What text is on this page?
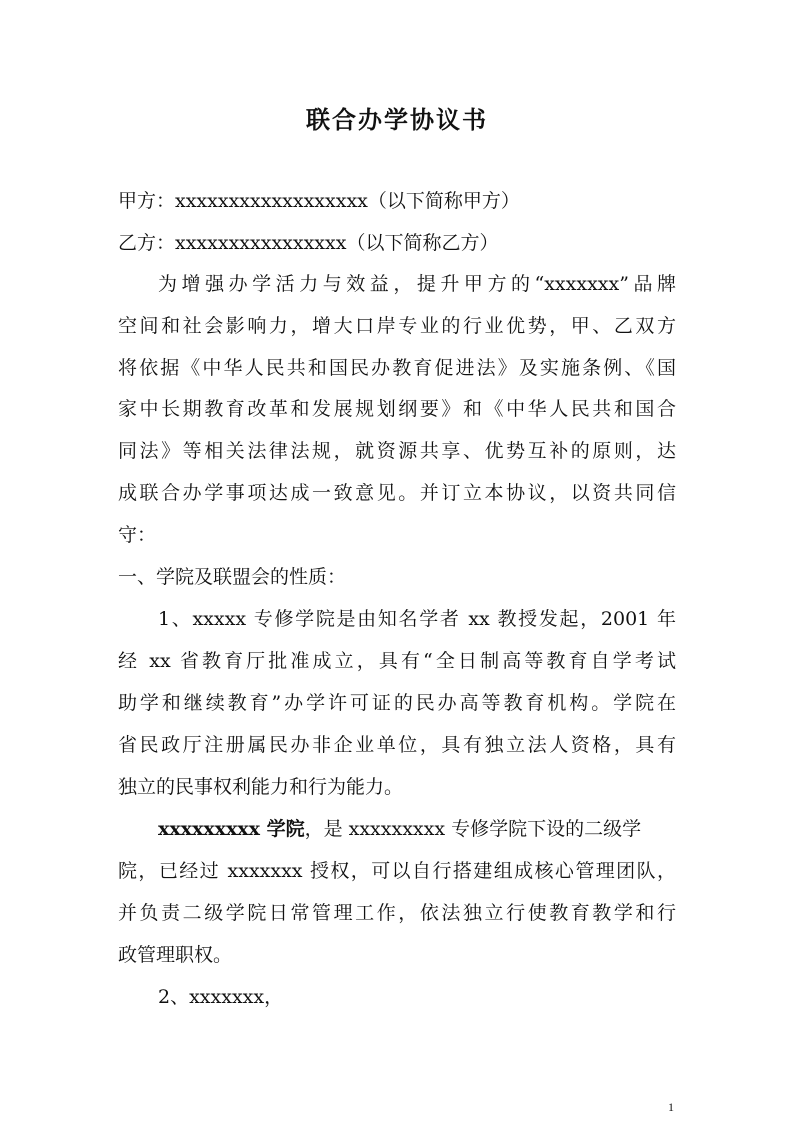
联合办学协议书
甲方：xxxxxxxxxxxxxxxxxx（以下简称甲方）
乙方：xxxxxxxxxxxxxxxx（以下简称乙方）
为增强办学活力与效益，提升甲方的“xxxxxxx”品牌
空间和社会影响力，增大口岸专业的行业优势，甲、乙双方
将依据《中华人民共和国民办教育促进法》及实施条例、《国
家中长期教育改革和发展规划纲要》和《中华人民共和国合
同法》等相关法律法规，就资源共享、优势互补的原则，达
成联合办学事项达成一致意见。并订立本协议，以资共同信
守：
一、学院及联盟会的性质：
1、xxxxx 专修学院是由知名学者 xx 教授发起，2001 年
经 xx 省教育厅批准成立，具有“全日制高等教育自学考试
助学和继续教育”办学许可证的民办高等教育机构。学院在
省民政厅注册属民办非企业单位，具有独立法人资格，具有
独立的民事权利能力和行为能力。
xxxxxxxxx 学院，是 xxxxxxxxx 专修学院下设的二级学
院，已经过 xxxxxxx 授权，可以自行搭建组成核心管理团队，
并负责二级学院日常管理工作，依法独立行使教育教学和行
政管理职权。
2、xxxxxxx，
1
